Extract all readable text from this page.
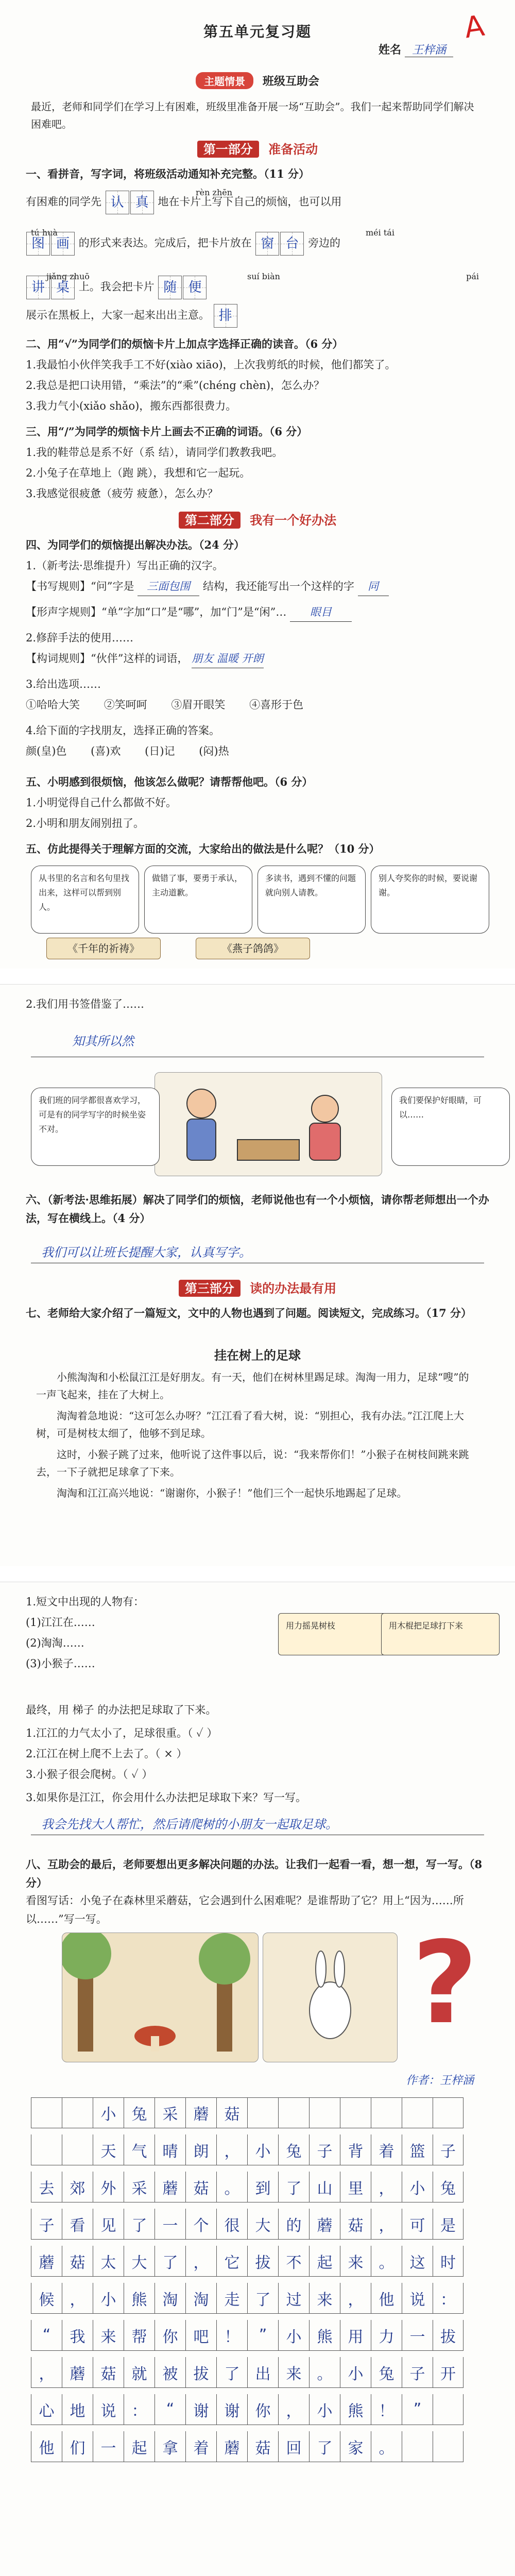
第五单元复习题	A
姓名 王梓涵
主题情景 班级互助会
最近，老师和同学们在学习上有困难，班级里准备开展一场“互助会”。我们一起来帮助同学们解决困难吧。
第一部分 准备活动
一、看拼音，写字词，将班级活动通知补充完整。（11 分）
rèn zhēn
有困难的同学先 认 真 地在卡片上写下自己的烦恼，也可以用
tú huà
图 画 的形式来表达。完成后，把卡片放在
méi tái
窗 台 旁边的
jiǎng zhuō
讲 桌 上。我会把卡片
suí biàn
随 便
pái
展示在黑板上，大家一起来出出主意。 排
二、用“√”为同学们的烦恼卡片上加点字选择正确的读音。（6 分）
1.我最怕小伙伴笑我手工不好(xiào xiāo)，上次我剪纸的时候，他们都笑了。
2.我总是把口诀用错，“乘法”的“乘”(chéng chèn)，怎么办？
3.我力气小(xiǎo shǎo)，搬东西都很费力。
三、用“/”为同学的烦恼卡片上画去不正确的词语。（6 分）
1.我的鞋带总是系不好（系 结），请同学们教教我吧。
2.小兔子在草地上（跑 跳），我想和它一起玩。
3.我感觉很疲惫（疲劳 疲惫），怎么办？
第二部分 我有一个好办法
四、为同学们的烦恼提出解决办法。（24 分）
1.（新考法·思维提升）写出正确的汉字。
【书写规则】“问”字是 三面包围 结构，我还能写出一个这样的字 同
【形声字规则】“单”字加“口”是“哪”，加“门”是“闲”… 眼目
2.修辞手法的使用……
【构词规则】“伙伴”这样的词语， 朋友 温暖 开朗
3.给出选项……
①哈哈大笑 ②笑呵呵 ③眉开眼笑 ④喜形于色
4.给下面的字找朋友，选择正确的答案。
颜(皇)色 (喜)欢 (日)记 (闷)热
五、小明感到很烦恼，他该怎么做呢？请帮帮他吧。（6 分）
1.小明觉得自己什么都做不好。
2.小明和朋友闹别扭了。
五、仿此提得关于理解方面的交流，大家给出的做法是什么呢？（10 分）
从书里的名言和名句里找出来，这样可以帮到别人。
做错了事，要勇于承认，主动道歉。
多读书，遇到不懂的问题就向别人请教。
别人夸奖你的时候，要说谢谢。
《千年的祈祷》	《燕子鸽鸽》
2.我们用书签借鉴了……
知其所以然
我们班的同学都很喜欢学习，可是有的同学写字的时候坐姿不对。
我们要保护好眼睛，可以……
六、（新考法·思维拓展）解决了同学们的烦恼，老师说他也有一个小烦恼，请你帮老师想出一个办法，写在横线上。（4 分）
我们可以让班长提醒大家，认真写字。
第三部分 读的办法最有用
七、老师给大家介绍了一篇短文，文中的人物也遇到了问题。阅读短文，完成练习。（17 分）
挂在树上的足球
小熊淘淘和小松鼠江江是好朋友。有一天，他们在树林里踢足球。淘淘一用力，足球“嗖”的一声飞起来，挂在了大树上。
淘淘着急地说：“这可怎么办呀？”江江看了看大树，说：“别担心，我有办法。”江江爬上大树，可是树枝太细了，他够不到足球。
这时，小猴子跳了过来，他听说了这件事以后，说：“我来帮你们！”小猴子在树枝间跳来跳去，一下子就把足球拿了下来。
淘淘和江江高兴地说：“谢谢你，小猴子！”他们三个一起快乐地踢起了足球。
1.短文中出现的人物有：
(1)江江在……
(2)淘淘……
(3)小猴子……
用力摇晃树枝	用木棍把足球打下来
最终，用 梯子 的办法把足球取了下来。
1.江江的力气太小了，足球很重。（ ✓ ）
2.江江在树上爬不上去了。（ × ）
3.小猴子很会爬树。（ ✓ ）
3.如果你是江江，你会用什么办法把足球取下来？写一写。
我会先找大人帮忙，然后请爬树的小朋友一起取足球。
八、互助会的最后，老师要想出更多解决问题的办法。让我们一起看一看，想一想，写一写。（8 分）
看图写话：小兔子在森林里采蘑菇，它会遇到什么困难呢？是谁帮助了它？用上“因为……所以……”写一写。	?
作者：王梓涵
小	兔	采	蘑	菇
天	气	晴	朗	，	小	兔	子	背	着	篮 子
去	郊	外	采	蘑	菇	。	到	了	山	里	，	小 兔
子	看	见	了	一	个	很	大	的	蘑	菇	，	可 是
蘑	菇	太	大	了	，	它	拔	不	起	来	。	这 时
候	，	小	熊	淘	淘	走	了	过	来	，	他	说 ：
“	我	来	帮	你	吧	！	”	小	熊	用	力	一 拔
，	蘑	菇	就	被	拔	了	出	来	。	小	兔	子 开
心	地	说	：	“	谢	谢	你	，	小	熊	！	”
他	们	一	起	拿	着	蘑	菇	回	了	家	。
